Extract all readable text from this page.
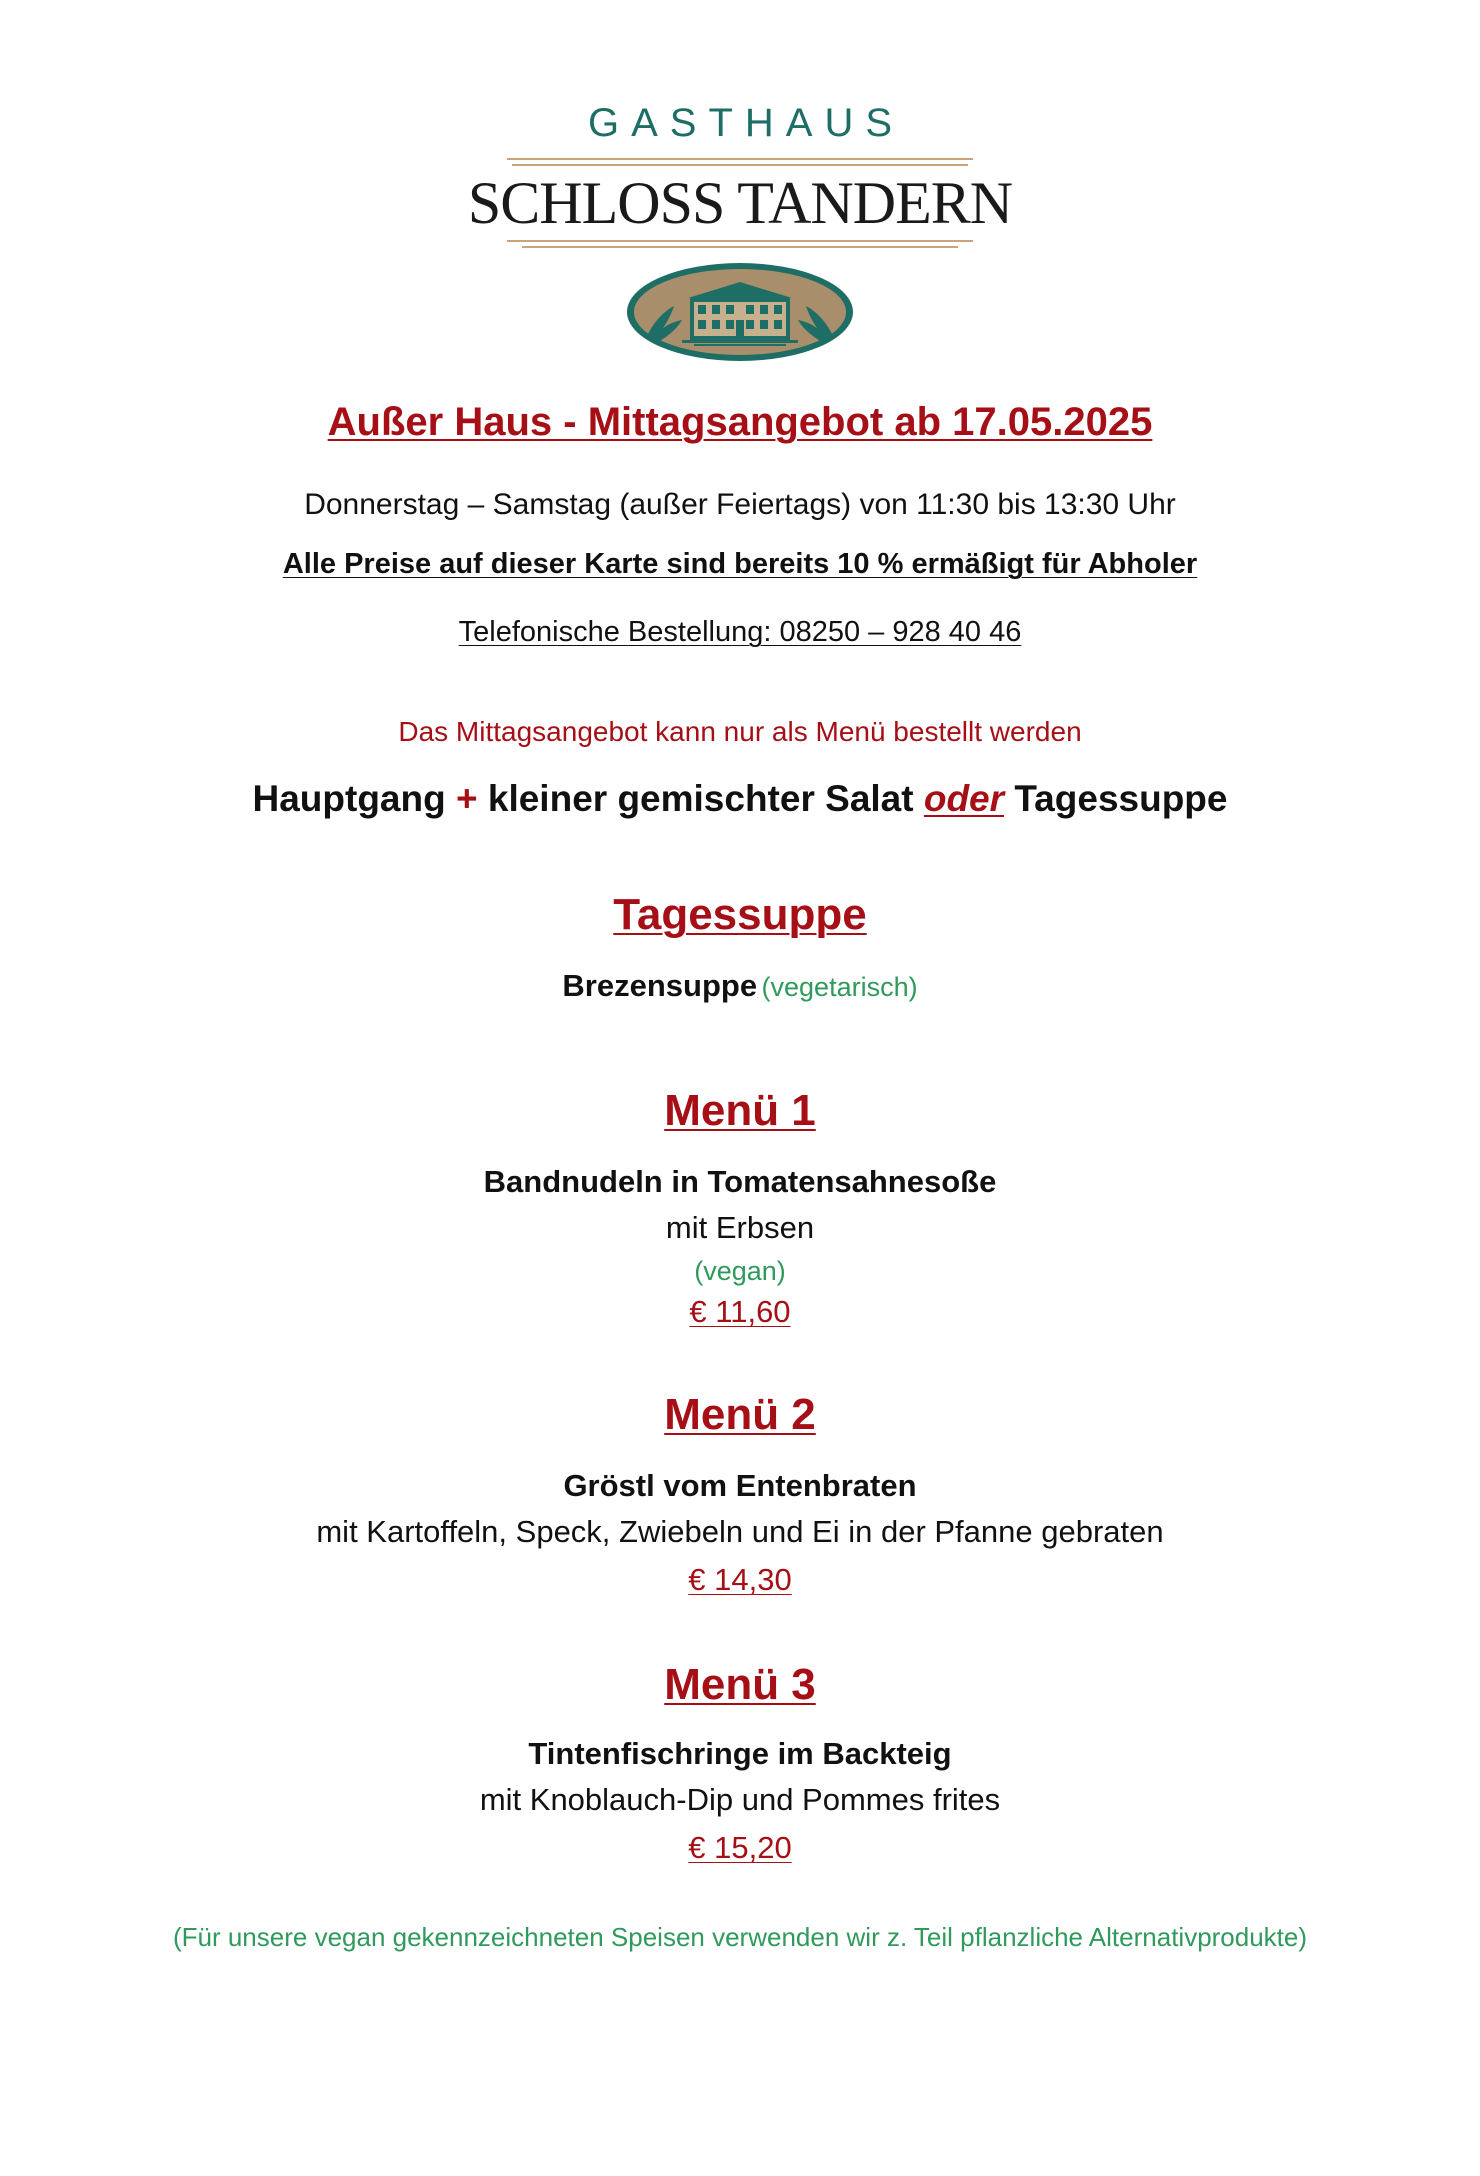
GASTHAUS
SCHLOSS TANDERN
Außer Haus - Mittagsangebot ab 17.05.2025
Donnerstag – Samstag (außer Feiertags) von 11:30 bis 13:30 Uhr
Alle Preise auf dieser Karte sind bereits 10 % ermäßigt für Abholer
Telefonische Bestellung: 08250 – 928 40 46
Das Mittagsangebot kann nur als Menü bestellt werden
Hauptgang + kleiner gemischter Salat oder Tagessuppe
Tagessuppe
Brezensuppe (vegetarisch)
Menü 1
Bandnudeln in Tomatensahnesoße
mit Erbsen
(vegan)
€ 11,60
Menü 2
Gröstl vom Entenbraten
mit Kartoffeln, Speck, Zwiebeln und Ei in der Pfanne gebraten
€ 14,30
Menü 3
Tintenfischringe im Backteig
mit Knoblauch-Dip und Pommes frites
€ 15,20
(Für unsere vegan gekennzeichneten Speisen verwenden wir z. Teil pflanzliche Alternativprodukte)
